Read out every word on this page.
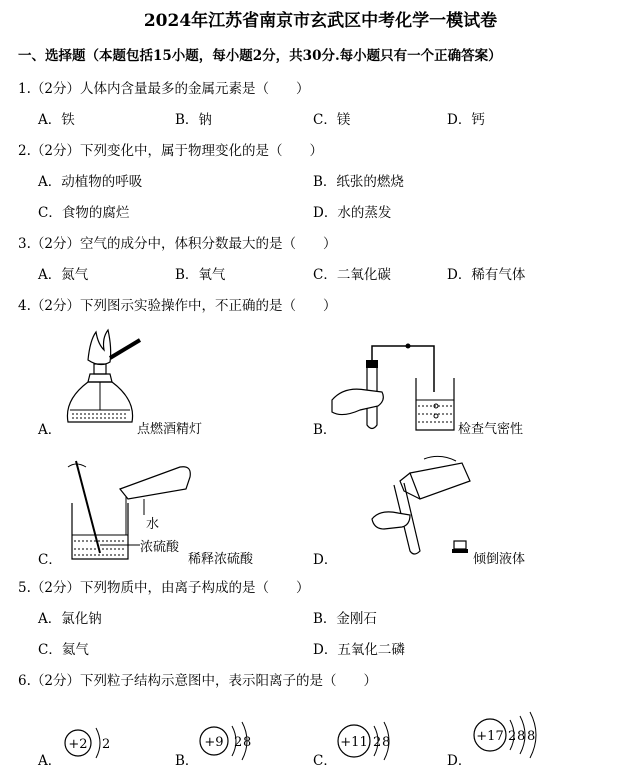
2024年江苏省南京市玄武区中考化学一模试卷
一、选择题（本题包括15小题，每小题2分，共30分.每小题只有一个正确答案）
1.（2分）人体内含量最多的金属元素是（　　）
A．铁	B．钠	C．镁	D．钙
2.（2分）下列变化中，属于物理变化的是（　　）
A．动植物的呼吸	B．纸张的燃烧
C．食物的腐烂	D．水的蒸发
3.（2分）空气的成分中，体积分数最大的是（　　）
A．氮气	B．氧气	C．二氧化碳	D．稀有气体
4.（2分）下列图示实验操作中，不正确的是（　　）
A．	点燃酒精灯	B．	检查气密性
水
浓硫酸
C．	稀释浓硫酸	D．	倾倒液体
5.（2分）下列物质中，由离子构成的是（　　）
A．氯化钠	B．金刚石
C．氦气	D．五氧化二磷
6.（2分）下列粒子结构示意图中，表示阳离子的是（　　）
A．
+2 2
B．
+9 2 8
C．
+11 2 8
D．
+17 2 8 8
